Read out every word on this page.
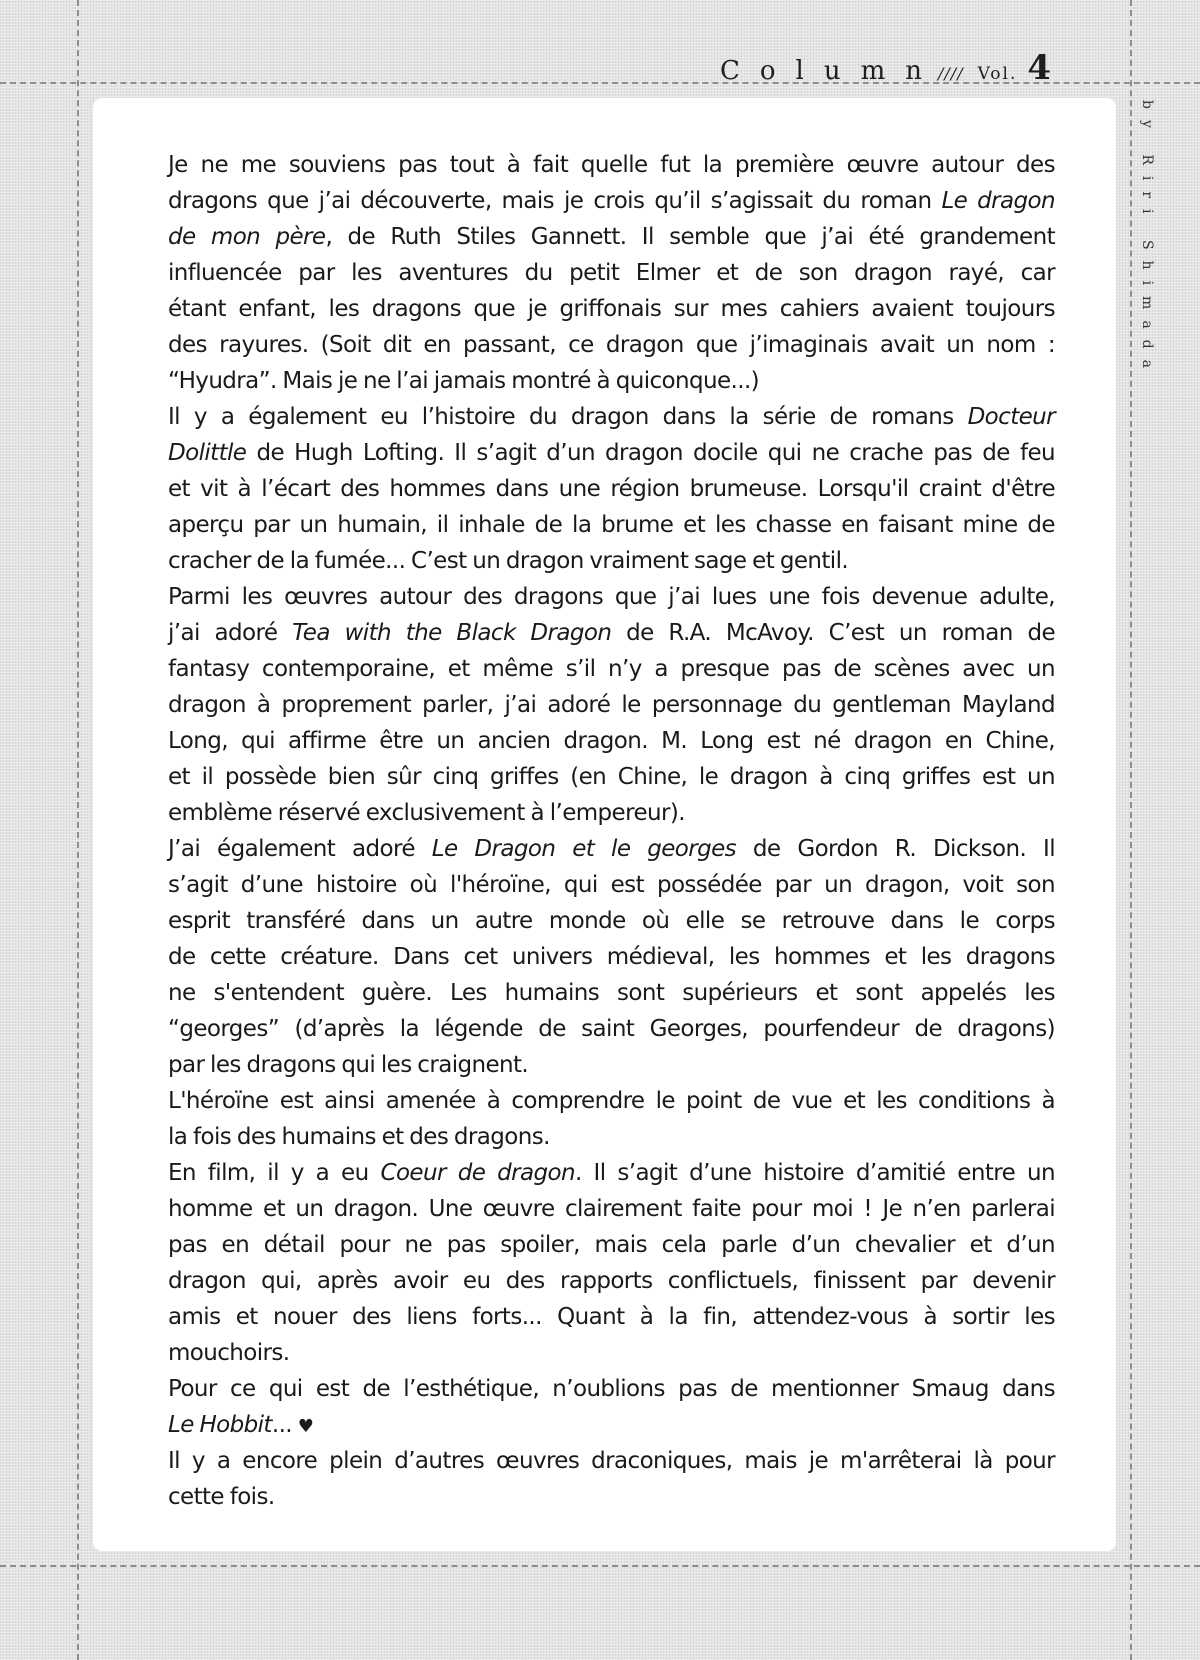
Column
//// Vol. 4
by Riri Shimada
Je ne me souviens pas tout à fait quelle fut la première œuvre autour des
dragons que j’ai découverte, mais je crois qu’il s’agissait du roman Le dragon
de mon père, de Ruth Stiles Gannett. Il semble que j’ai été grandement
influencée par les aventures du petit Elmer et de son dragon rayé, car
étant enfant, les dragons que je griffonais sur mes cahiers avaient toujours
des rayures. (Soit dit en passant, ce dragon que j’imaginais avait un nom :
“Hyudra”. Mais je ne l’ai jamais montré à quiconque...)
Il y a également eu l’histoire du dragon dans la série de romans Docteur
Dolittle de Hugh Lofting. Il s’agit d’un dragon docile qui ne crache pas de feu
et vit à l’écart des hommes dans une région brumeuse. Lorsqu'il craint d'être
aperçu par un humain, il inhale de la brume et les chasse en faisant mine de
cracher de la fumée... C’est un dragon vraiment sage et gentil.
Parmi les œuvres autour des dragons que j’ai lues une fois devenue adulte,
j’ai adoré Tea with the Black Dragon de R.A. McAvoy. C’est un roman de
fantasy contemporaine, et même s’il n’y a presque pas de scènes avec un
dragon à proprement parler, j’ai adoré le personnage du gentleman Mayland
Long, qui affirme être un ancien dragon. M. Long est né dragon en Chine,
et il possède bien sûr cinq griffes (en Chine, le dragon à cinq griffes est un
emblème réservé exclusivement à l’empereur).
J’ai également adoré Le Dragon et le georges de Gordon R. Dickson. Il
s’agit d’une histoire où l'héroïne, qui est possédée par un dragon, voit son
esprit transféré dans un autre monde où elle se retrouve dans le corps
de cette créature. Dans cet univers médieval, les hommes et les dragons
ne s'entendent guère. Les humains sont supérieurs et sont appelés les
“georges” (d’après la légende de saint Georges, pourfendeur de dragons)
par les dragons qui les craignent.
L'héroïne est ainsi amenée à comprendre le point de vue et les conditions à
la fois des humains et des dragons.
En film, il y a eu Coeur de dragon. Il s’agit d’une histoire d’amitié entre un
homme et un dragon. Une œuvre clairement faite pour moi ! Je n’en parlerai
pas en détail pour ne pas spoiler, mais cela parle d’un chevalier et d’un
dragon qui, après avoir eu des rapports conflictuels, finissent par devenir
amis et nouer des liens forts... Quant à la fin, attendez-vous à sortir les
mouchoirs.
Pour ce qui est de l’esthétique, n’oublions pas de mentionner Smaug dans
Le Hobbit... ♥
Il y a encore plein d’autres œuvres draconiques, mais je m'arrêterai là pour
cette fois.
